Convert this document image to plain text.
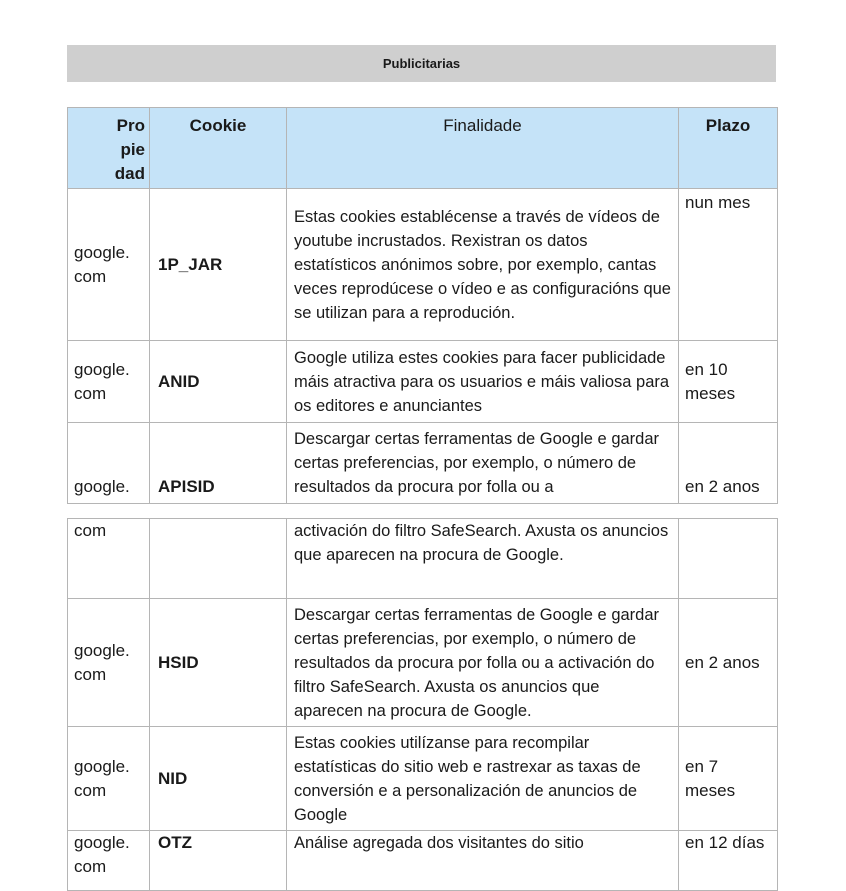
Publicitarias
Pro
pie
dad	Cookie	Finalidade	Plazo
google.
com	1P_JAR	Estas cookies establécense a través de vídeos de youtube incrustados. Rexistran os datos estatísticos anónimos sobre, por exemplo, cantas veces reprodúcese o vídeo e as configuracións que se utilizan para a reprodución.	nun mes
google.
com	ANID	Google utiliza estes cookies para facer publicidade máis atractiva para os usuarios e máis valiosa para os editores e anunciantes	en 10 meses
google.	APISID	Descargar certas ferramentas de Google e gardar certas preferencias, por exemplo, o número de resultados da procura por folla ou a	en 2 anos
com		activación do filtro SafeSearch. Axusta os anuncios que aparecen na procura de Google.	
google.
com	HSID	Descargar certas ferramentas de Google e gardar certas preferencias, por exemplo, o número de resultados da procura por folla ou a activación do filtro SafeSearch. Axusta os anuncios que aparecen na procura de Google.	en 2 anos
google.
com	NID	Estas cookies utilízanse para recompilar estatísticas do sitio web e rastrexar as taxas de conversión e a personalización de anuncios de Google	en 7 meses
google.
com	OTZ	Análise agregada dos visitantes do sitio	en 12 días
